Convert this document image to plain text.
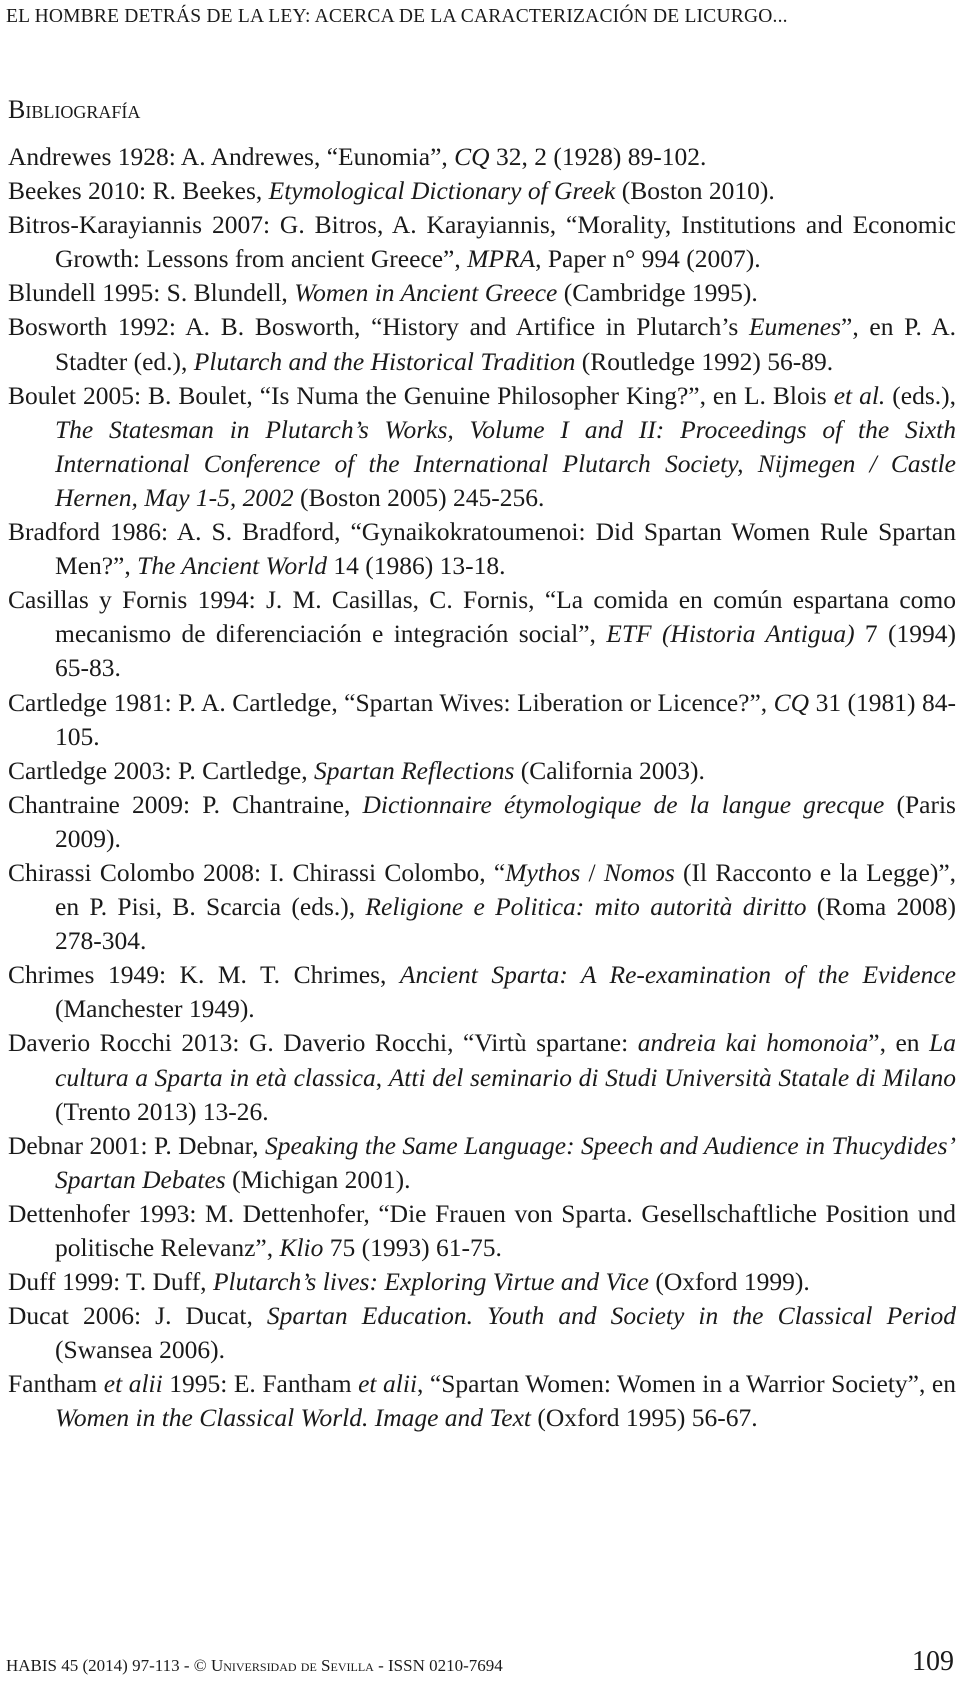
EL HOMBRE DETRÁS DE LA LEY: ACERCA DE LA CARACTERIZACIÓN DE LICURGO...
Bibliografía
Andrewes 1928: A. Andrewes, “Eunomia”, CQ 32, 2 (1928) 89-102.
Beekes 2010: R. Beekes, Etymological Dictionary of Greek (Boston 2010).
Bitros-Karayiannis 2007: G. Bitros, A. Karayiannis, “Morality, Institutions and Economic Growth: Lessons from ancient Greece”, MPRA, Paper n° 994 (2007).
Blundell 1995: S. Blundell, Women in Ancient Greece (Cambridge 1995).
Bosworth 1992: A. B. Bosworth, “History and Artifice in Plutarch’s Eumenes”, en P. A. Stadter (ed.), Plutarch and the Historical Tradition (Routledge 1992) 56-89.
Boulet 2005: B. Boulet, “Is Numa the Genuine Philosopher King?”, en L. Blois et al. (eds.), The Statesman in Plutarch’s Works, Volume I and II: Proceedings of the Sixth International Conference of the International Plutarch Society, Nijmegen / Castle Hernen, May 1-5, 2002 (Boston 2005) 245-256.
Bradford 1986: A. S. Bradford, “Gynaikokratoumenoi: Did Spartan Women Rule Spartan Men?”, The Ancient World 14 (1986) 13-18.
Casillas y Fornis 1994: J. M. Casillas, C. Fornis, “La comida en común espartana como mecanismo de diferenciación e integración social”, ETF (Historia Antigua) 7 (1994) 65-83.
Cartledge 1981: P. A. Cartledge, “Spartan Wives: Liberation or Licence?”, CQ 31 (1981) 84-105.
Cartledge 2003: P. Cartledge, Spartan Reflections (California 2003).
Chantraine 2009: P. Chantraine, Dictionnaire étymologique de la langue grecque (Paris 2009).
Chirassi Colombo 2008: I. Chirassi Colombo, “Mythos / Nomos (Il Racconto e la Legge)”, en P. Pisi, B. Scarcia (eds.), Religione e Politica: mito autorità diritto (Roma 2008) 278-304.
Chrimes 1949: K. M. T. Chrimes, Ancient Sparta: A Re-examination of the Evidence (Manchester 1949).
Daverio Rocchi 2013: G. Daverio Rocchi, “Virtù spartane: andreia kai homonoia”, en La cultura a Sparta in età classica, Atti del seminario di Studi Università Statale di Milano (Trento 2013) 13-26.
Debnar 2001: P. Debnar, Speaking the Same Language: Speech and Audience in Thucydides’ Spartan Debates (Michigan 2001).
Dettenhofer 1993: M. Dettenhofer, “Die Frauen von Sparta. Gesellschaftliche Position und politische Relevanz”, Klio 75 (1993) 61-75.
Duff 1999: T. Duff, Plutarch’s lives: Exploring Virtue and Vice (Oxford 1999).
Ducat 2006: J. Ducat, Spartan Education. Youth and Society in the Classical Period (Swansea 2006).
Fantham et alii 1995: E. Fantham et alii, “Spartan Women: Women in a Warrior Society”, en Women in the Classical World. Image and Text (Oxford 1995) 56-67.
HABIS 45 (2014) 97-113 - © Universidad de Sevilla - ISSN 0210-7694	109
